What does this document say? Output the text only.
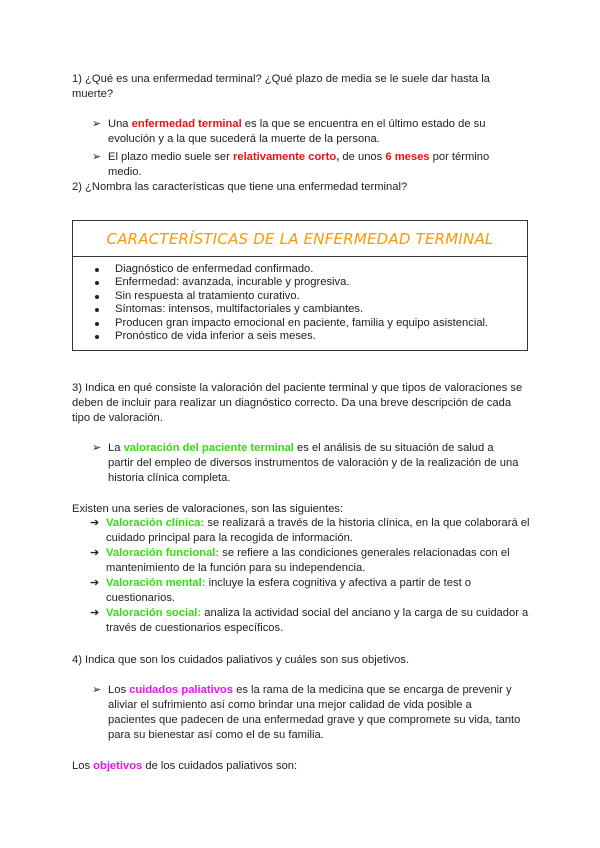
1) ¿Qué es una enfermedad terminal? ¿Qué plazo de media se le suele dar hasta la muerte?

➢ Una enfermedad terminal es la que se encuentra en el último estado de su evolución y a la que sucederá la muerte de la persona.
➢ El plazo medio suele ser relativamente corto, de unos 6 meses por término medio.

2) ¿Nombra las características que tiene una enfermedad terminal?

CARACTERÍSTICAS DE LA ENFERMEDAD TERMINAL
Diagnóstico de enfermedad confirmado.
Enfermedad: avanzada, incurable y progresiva.
Sin respuesta al tratamiento curativo.
Síntomas: intensos, multifactoriales y cambiantes.
Producen gran impacto emocional en paciente, familia y equipo asistencial.
Pronóstico de vida inferior a seis meses.

3) Indica en qué consiste la valoración del paciente terminal y que tipos de valoraciones se deben de incluir para realizar un diagnóstico correcto. Da una breve descripción de cada tipo de valoración.

➢ La valoración del paciente terminal es el análisis de su situación de salud a partir del empleo de diversos instrumentos de valoración y de la realización de una historia clínica completa.

Existen una series de valoraciones, son las siguientes:

➔ Valoración clínica: se realizará a través de la historia clínica, en la que colaborará el cuidado principal para la recogida de información.
➔ Valoración funcional: se refiere a las condiciones generales relacionadas con el mantenimiento de la función para su independencia.
➔ Valoración mental: incluye la esfera cognitiva y afectiva a partir de test o cuestionarios.
➔ Valoración social: analiza la actividad social del anciano y la carga de su cuidador a través de cuestionarios específicos.

4) Indica que son los cuidados paliativos y cuáles son sus objetivos.

➢ Los cuidados paliativos es la rama de la medicina que se encarga de prevenir y aliviar el sufrimiento así como brindar una mejor calidad de vida posible a pacientes que padecen de una enfermedad grave y que compromete su vida, tanto para su bienestar así como el de su familia.

Los objetivos de los cuidados paliativos son:
